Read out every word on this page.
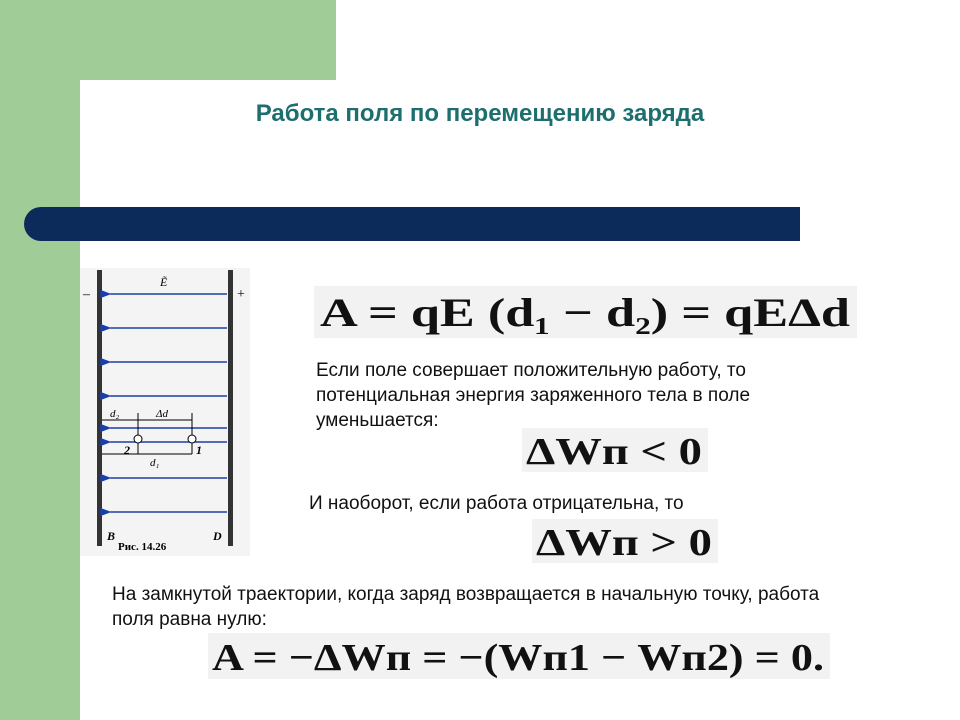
Работа поля по перемещению заряда
–	+
Ẽ
d₂	Δd
2	1
d₁
B	D
Рис. 14.26
A = qE (d₁ − d₂) = qEΔd
Если поле совершает положительную работу, то потенциальная энергия заряженного тела в поле уменьшается:
ΔWп < 0
И наоборот, если работа отрицательна, то
ΔWп > 0
На замкнутой траектории, когда заряд возвращается в начальную точку, работа поля равна нулю:
A = −ΔWп = −(Wп1 − Wп2) = 0.
